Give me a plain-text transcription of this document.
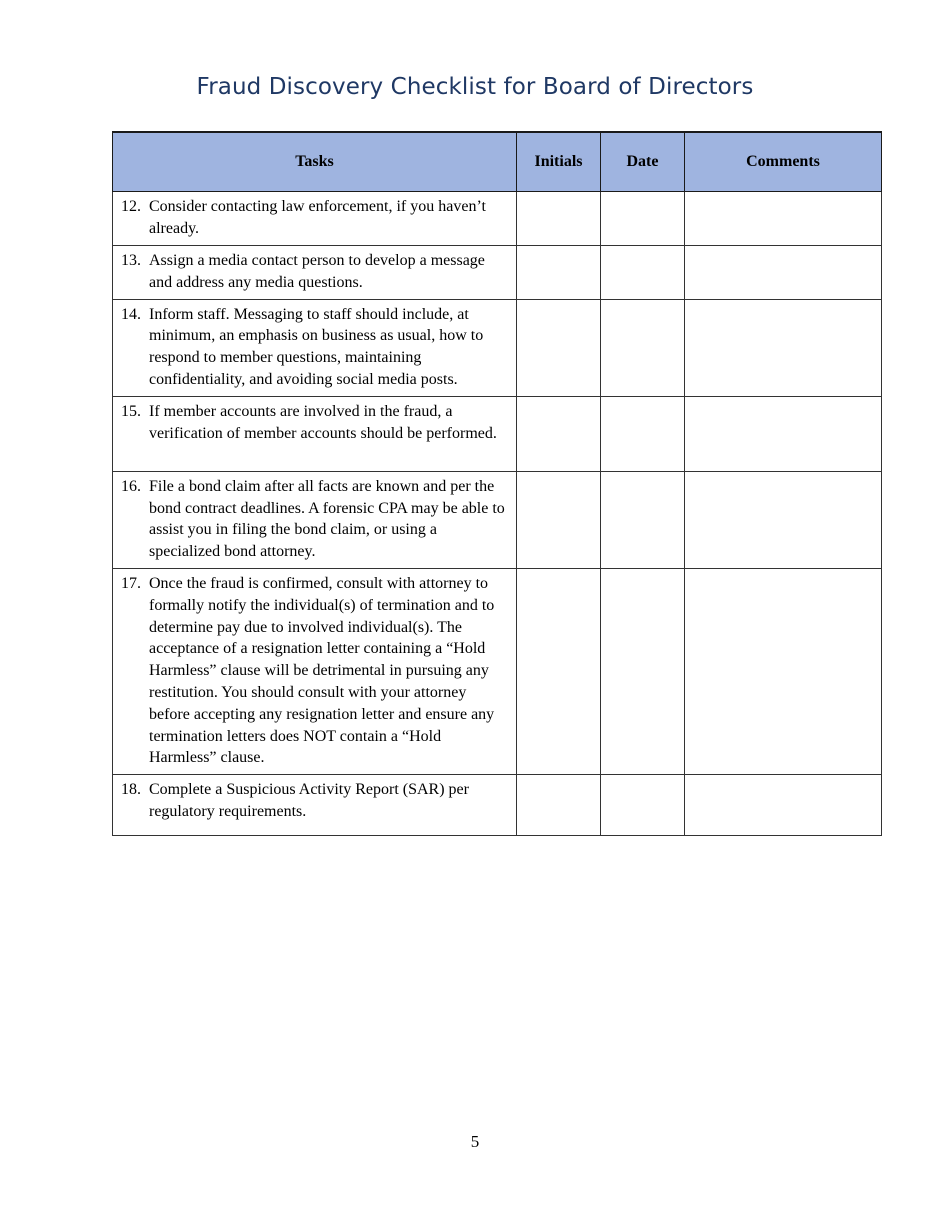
Fraud Discovery Checklist for Board of Directors
Tasks	Initials	Date	Comments

12. Consider contacting law enforcement, if you haven’t already.			

13. Assign a media contact person to develop a message and address any media questions.			

14. Inform staff. Messaging to staff should include, at minimum, an emphasis on business as usual, how to respond to member questions, maintaining confidentiality, and avoiding social media posts.			

15. If member accounts are involved in the fraud, a verification of member accounts should be performed.			

16. File a bond claim after all facts are known and per the bond contract deadlines. A forensic CPA may be able to assist you in filing the bond claim, or using a specialized bond attorney.			

17. Once the fraud is confirmed, consult with attorney to formally notify the individual(s) of termination and to determine pay due to involved individual(s). The acceptance of a resignation letter containing a “Hold Harmless” clause will be detrimental in pursuing any restitution. You should consult with your attorney before accepting any resignation letter and ensure any termination letters does NOT contain a “Hold Harmless” clause.			

18. Complete a Suspicious Activity Report (SAR) per regulatory requirements.			

5
